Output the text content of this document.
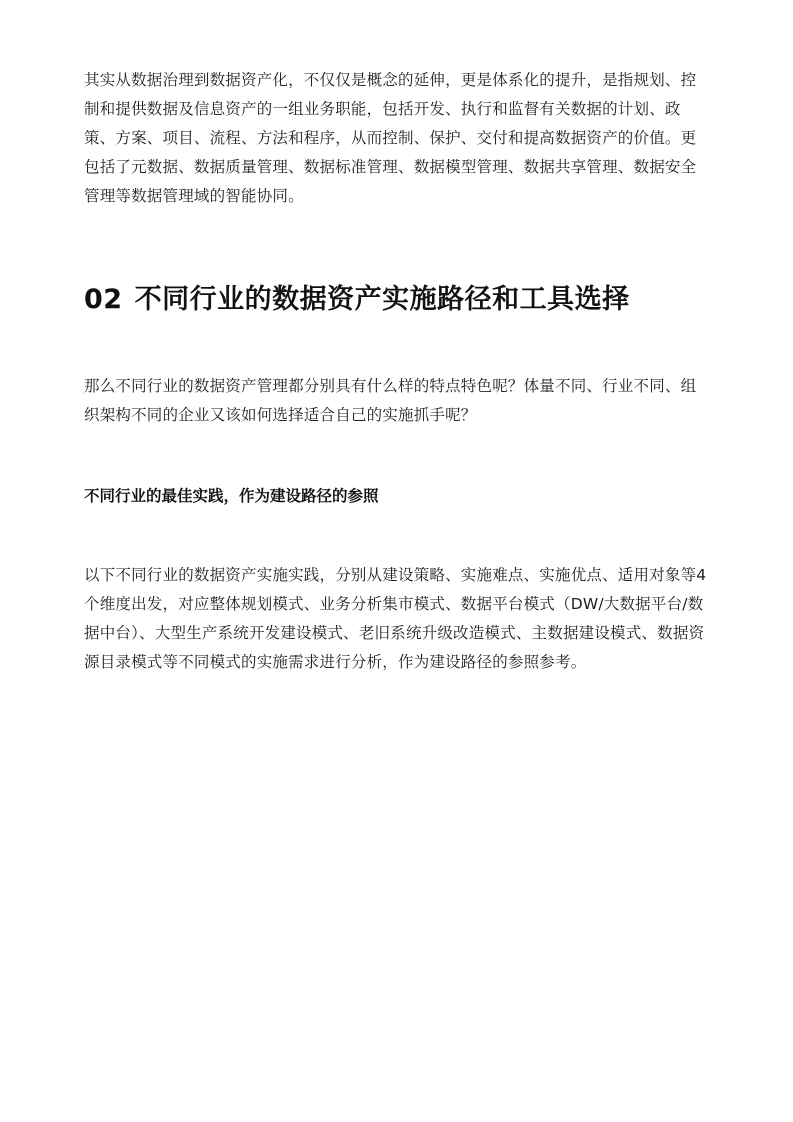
其实从数据治理到数据资产化，不仅仅是概念的延伸，更是体系化的提升，是指规划、控制和提供数据及信息资产的一组业务职能，包括开发、执行和监督有关数据的计划、政策、方案、项目、流程、方法和程序，从而控制、保护、交付和提高数据资产的价值。更包括了元数据、数据质量管理、数据标准管理、数据模型管理、数据共享管理、数据安全管理等数据管理域的智能协同。

02 不同行业的数据资产实施路径和工具选择

那么不同行业的数据资产管理都分别具有什么样的特点特色呢？体量不同、行业不同、组织架构不同的企业又该如何选择适合自己的实施抓手呢？

不同行业的最佳实践，作为建设路径的参照

以下不同行业的数据资产实施实践，分别从建设策略、实施难点、实施优点、适用对象等4个维度出发，对应整体规划模式、业务分析集市模式、数据平台模式（DW/大数据平台/数据中台）、大型生产系统开发建设模式、老旧系统升级改造模式、主数据建设模式、数据资源目录模式等不同模式的实施需求进行分析，作为建设路径的参照参考。
